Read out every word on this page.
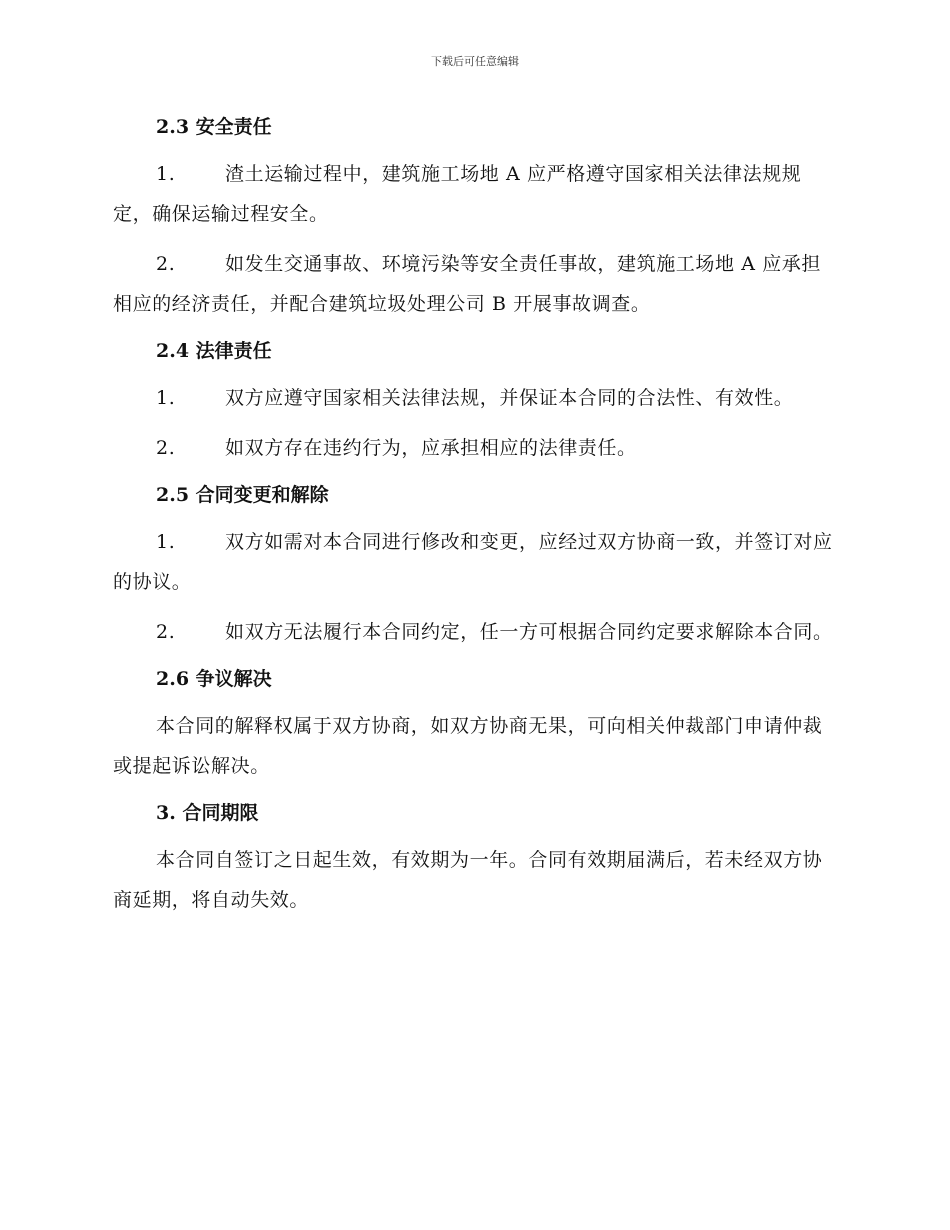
下载后可任意编辑
2.3 安全责任
1.	渣土运输过程中，建筑施工场地 A 应严格遵守国家相关法律法规规定，确保运输过程安全。
2.	如发生交通事故、环境污染等安全责任事故，建筑施工场地 A 应承担相应的经济责任，并配合建筑垃圾处理公司 B 开展事故调查。
2.4 法律责任
1.	双方应遵守国家相关法律法规，并保证本合同的合法性、有效性。
2.	如双方存在违约行为，应承担相应的法律责任。
2.5 合同变更和解除
1.	双方如需对本合同进行修改和变更，应经过双方协商一致，并签订对应的协议。
2.	如双方无法履行本合同约定，任一方可根据合同约定要求解除本合同。
2.6 争议解决
本合同的解释权属于双方协商，如双方协商无果，可向相关仲裁部门申请仲裁或提起诉讼解决。
3. 合同期限
本合同自签订之日起生效，有效期为一年。合同有效期届满后，若未经双方协商延期，将自动失效。
